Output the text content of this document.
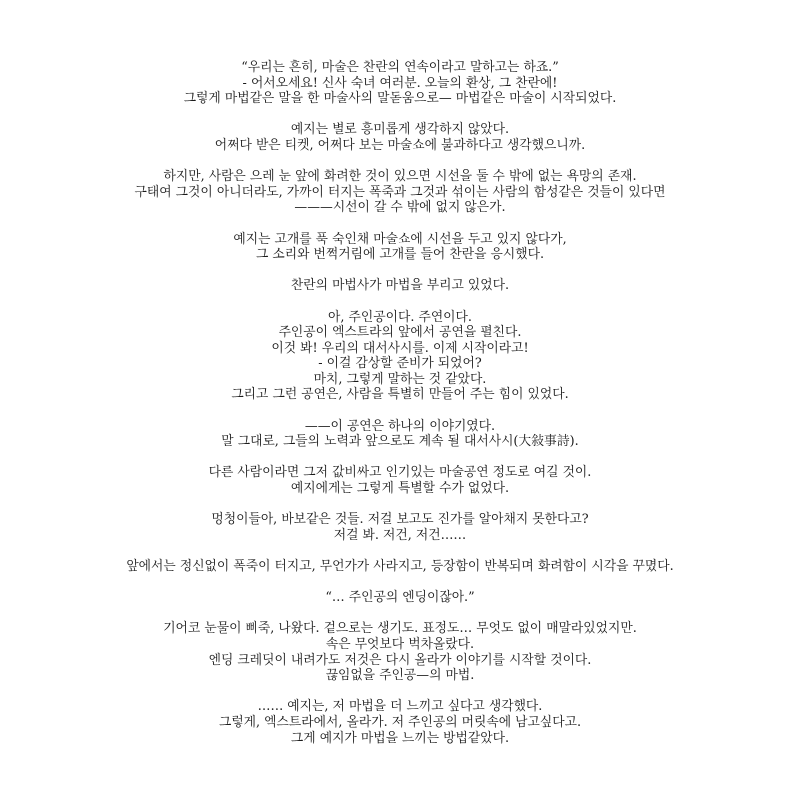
“우리는 흔히, 마술은 찬란의 연속이라고 말하고는 하죠.”
- 어서오세요! 신사 숙녀 여러분. 오늘의 환상, 그 찬란에!
그렇게 마법같은 말을 한 마술사의 말돋움으로— 마법같은 마술이 시작되었다.
예지는 별로 흥미롭게 생각하지 않았다.
어쩌다 받은 티켓, 어쩌다 보는 마술쇼에 불과하다고 생각했으니까.
하지만, 사람은 으레 눈 앞에 화려한 것이 있으면 시선을 둘 수 밖에 없는 욕망의 존재.
구태여 그것이 아니더라도, 가까이 터지는 폭죽과 그것과 섞이는 사람의 함성같은 것들이 있다면
———시선이 갈 수 밖에 없지 않은가.
예지는 고개를 푹 숙인채 마술쇼에 시선을 두고 있지 않다가,
그 소리와 번쩍거림에 고개를 들어 찬란을 응시했다.
찬란의 마법사가 마법을 부리고 있었다.
아, 주인공이다. 주연이다.
주인공이 엑스트라의 앞에서 공연을 펼친다.
이것 봐! 우리의 대서사시를. 이제 시작이라고!
- 이걸 감상할 준비가 되었어?
마치, 그렇게 말하는 것 같았다.
그리고 그런 공연은, 사람을 특별히 만들어 주는 힘이 있었다.
——이 공연은 하나의 이야기였다.
말 그대로, 그들의 노력과 앞으로도 계속 될 대서사시(大敍事詩).
다른 사람이라면 그저 값비싸고 인기있는 마술공연 정도로 여길 것이.
예지에게는 그렇게 특별할 수가 없었다.
멍청이들아, 바보같은 것들. 저걸 보고도 진가를 알아채지 못한다고?
저걸 봐. 저건, 저건……
앞에서는 정신없이 폭죽이 터지고, 무언가가 사라지고, 등장함이 반복되며 화려함이 시각을 꾸몄다.
“… 주인공의 엔딩이잖아.”
기어코 눈물이 삐죽, 나왔다. 겉으로는 생기도. 표정도… 무엇도 없이 매말라있었지만.
속은 무엇보다 벅차올랐다.
엔딩 크레딧이 내려가도 저것은 다시 올라가 이야기를 시작할 것이다.
끊임없을 주인공—의 마법.
…… 예지는, 저 마법을 더 느끼고 싶다고 생각했다.
그렇게, 엑스트라에서, 올라가. 저 주인공의 머릿속에 남고싶다고.
그게 예지가 마법을 느끼는 방법같았다.
